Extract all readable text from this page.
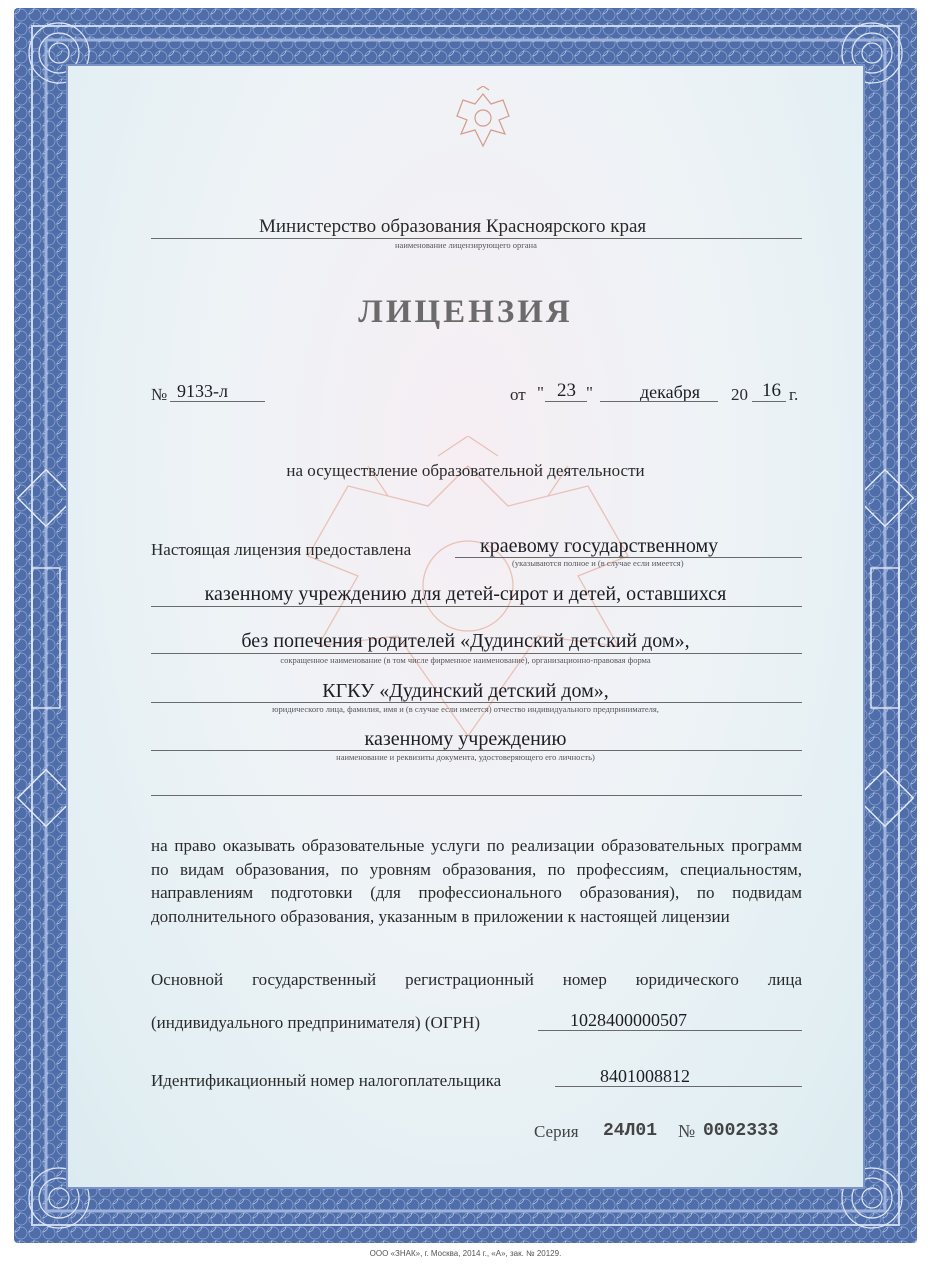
Министерство образования Красноярского края
наименование лицензирующего органа
ЛИЦЕНЗИЯ
№ 9133-л	от " 23 "	декабря 20 16 г.
на осуществление образовательной деятельности
Настоящая лицензия предоставлена	краевому государственному
(указываются полное и (в случае если имеется)
казенному учреждению для детей-сирот и детей, оставшихся
без попечения родителей «Дудинский детский дом»,
сокращенное наименование (в том числе фирменное наименование), организационно-правовая форма
КГКУ «Дудинский детский дом»,
юридического лица, фамилия, имя и (в случае если имеется) отчество индивидуального предпринимателя,
казенному учреждению
наименование и реквизиты документа, удостоверяющего его личность)
на право оказывать образовательные услуги по реализации образовательных программ по видам образования, по уровням образования, по профессиям, специальностям, направлениям подготовки (для профессионального образования), по подвидам дополнительного образования, указанным в приложении к настоящей лицензии
Основной государственный регистрационный номер юридического лица
(индивидуального предпринимателя) (ОГРН)	1028400000507
Идентификационный номер налогоплательщика	8401008812
Серия 24Л01 № 0002333
ООО «ЗНАК», г. Москва, 2014 г., «А», зак. № 20129.
